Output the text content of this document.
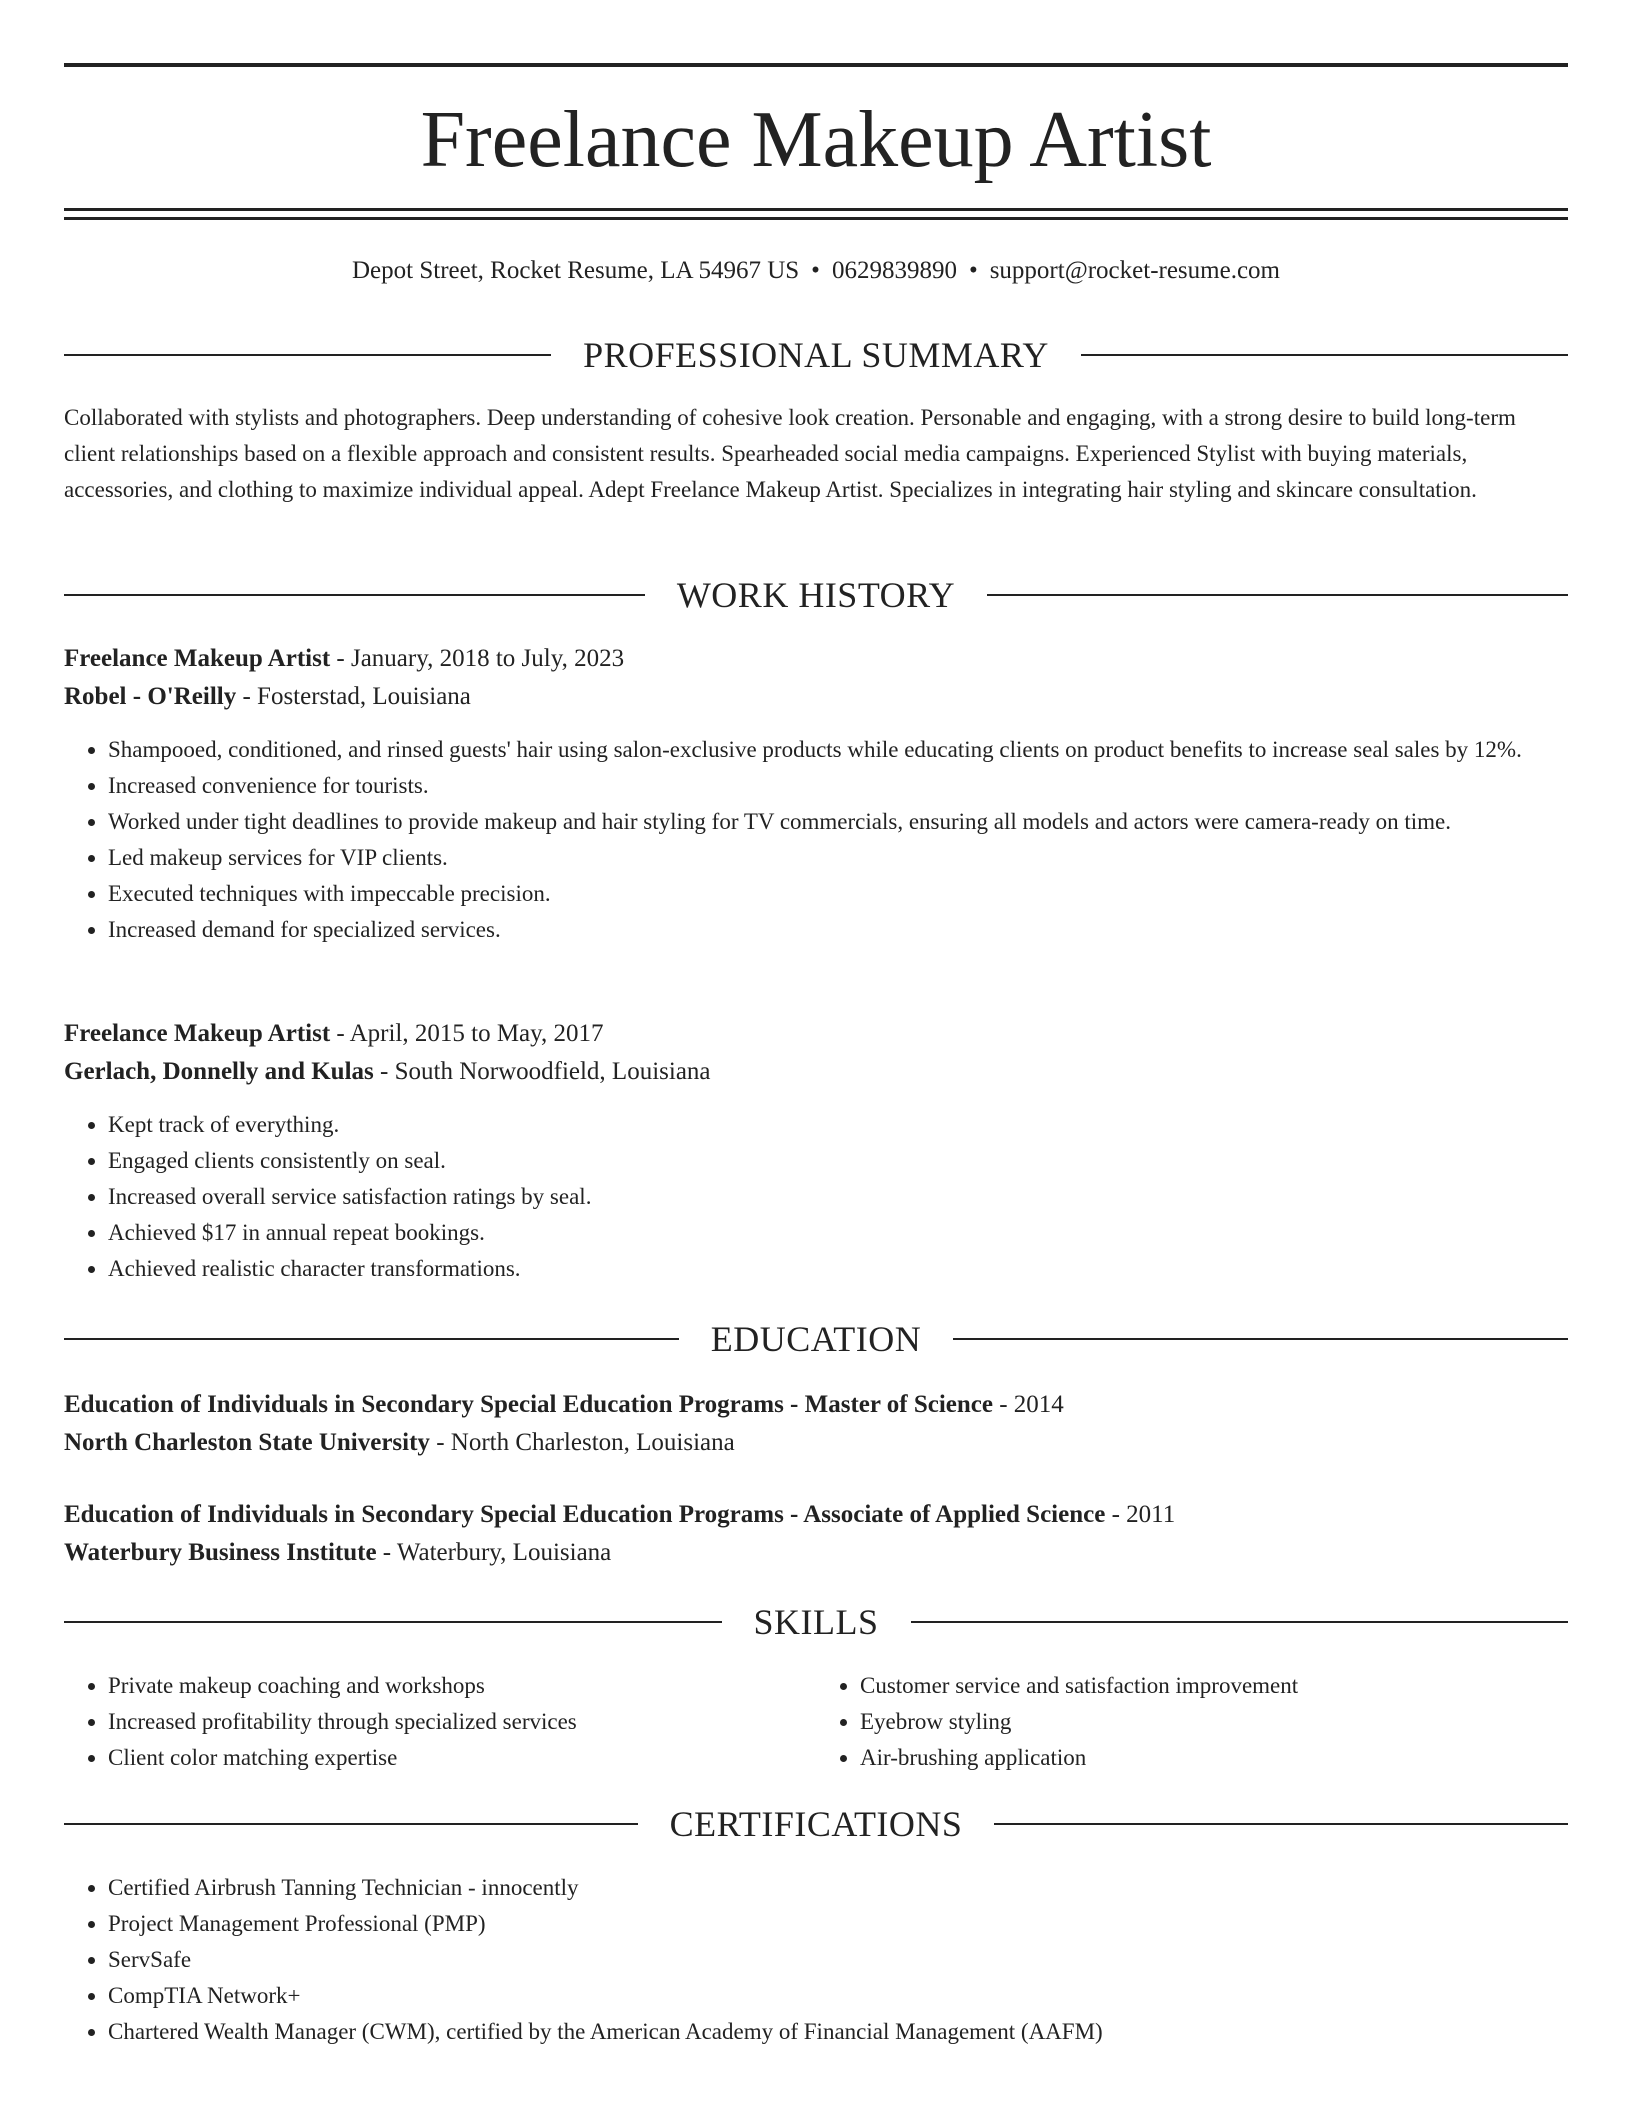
Freelance Makeup Artist
Depot Street, Rocket Resume, LA 54967 US • 0629839890 • support@rocket-resume.com
PROFESSIONAL SUMMARY

Collaborated with stylists and photographers. Deep understanding of cohesive look creation. Personable and engaging, with a strong desire to build long-term client relationships based on a flexible approach and consistent results. Spearheaded social media campaigns. Experienced Stylist with buying materials, accessories, and clothing to maximize individual appeal. Adept Freelance Makeup Artist. Specializes in integrating hair styling and skincare consultation.

WORK HISTORY
Freelance Makeup Artist - January, 2018 to July, 2023
Robel - O'Reilly - Fosterstad, Louisiana
• Shampooed, conditioned, and rinsed guests' hair using salon-exclusive products while educating clients on product benefits to increase seal sales by 12%.
• Increased convenience for tourists.
• Worked under tight deadlines to provide makeup and hair styling for TV commercials, ensuring all models and actors were camera-ready on time.
• Led makeup services for VIP clients.
• Executed techniques with impeccable precision.
• Increased demand for specialized services.
Freelance Makeup Artist - April, 2015 to May, 2017
Gerlach, Donnelly and Kulas - South Norwoodfield, Louisiana
• Kept track of everything.
• Engaged clients consistently on seal.
• Increased overall service satisfaction ratings by seal.
• Achieved $17 in annual repeat bookings.
• Achieved realistic character transformations.
EDUCATION
Education of Individuals in Secondary Special Education Programs - Master of Science - 2014
North Charleston State University - North Charleston, Louisiana
Education of Individuals in Secondary Special Education Programs - Associate of Applied Science - 2011
Waterbury Business Institute - Waterbury, Louisiana
SKILLS
• Private makeup coaching and workshops
• Increased profitability through specialized services
• Client color matching expertise
• Customer service and satisfaction improvement
• Eyebrow styling
• Air-brushing application
CERTIFICATIONS
• Certified Airbrush Tanning Technician - innocently
• Project Management Professional (PMP)
• ServSafe
• CompTIA Network+
• Chartered Wealth Manager (CWM), certified by the American Academy of Financial Management (AAFM)
